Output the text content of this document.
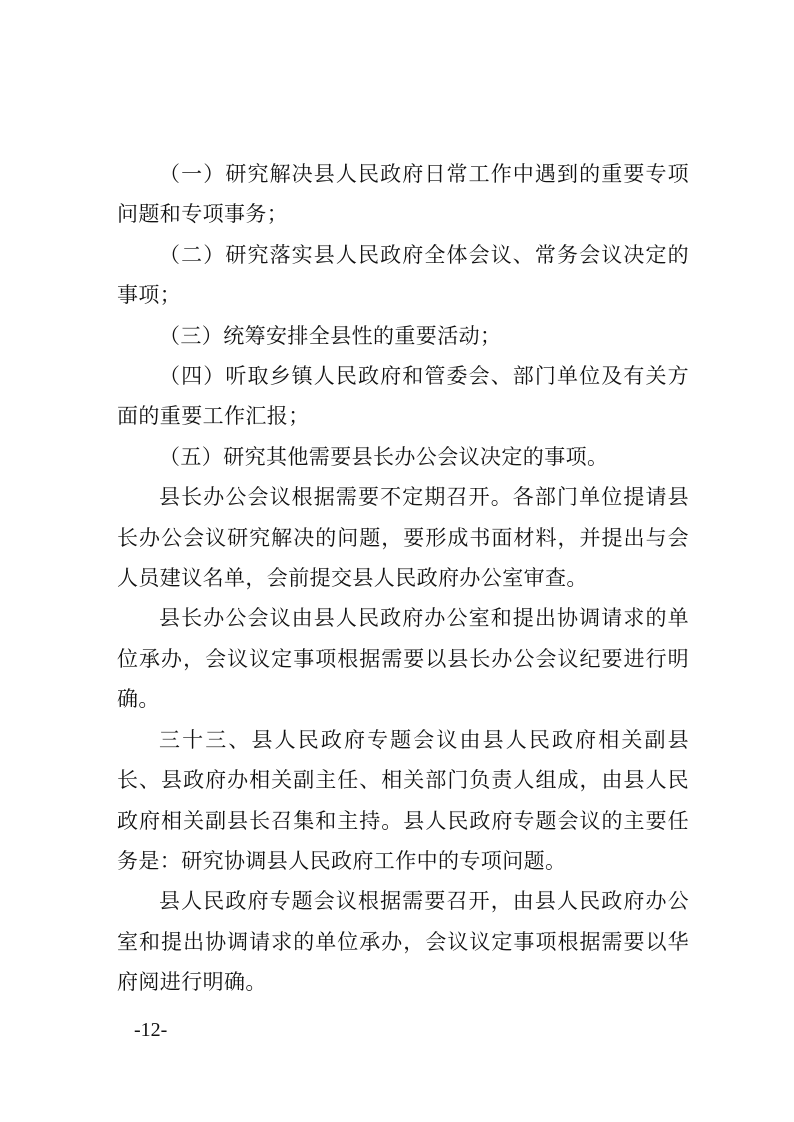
（一）研究解决县人民政府日常工作中遇到的重要专项问题和专项事务；

（二）研究落实县人民政府全体会议、常务会议决定的事项；

（三）统筹安排全县性的重要活动；

（四）听取乡镇人民政府和管委会、部门单位及有关方面的重要工作汇报；

（五）研究其他需要县长办公会议决定的事项。

县长办公会议根据需要不定期召开。各部门单位提请县长办公会议研究解决的问题，要形成书面材料，并提出与会人员建议名单，会前提交县人民政府办公室审查。

县长办公会议由县人民政府办公室和提出协调请求的单位承办，会议议定事项根据需要以县长办公会议纪要进行明确。

三十三、县人民政府专题会议由县人民政府相关副县长、县政府办相关副主任、相关部门负责人组成，由县人民政府相关副县长召集和主持。县人民政府专题会议的主要任务是：研究协调县人民政府工作中的专项问题。

县人民政府专题会议根据需要召开，由县人民政府办公室和提出协调请求的单位承办，会议议定事项根据需要以华府阅进行明确。

-12-
